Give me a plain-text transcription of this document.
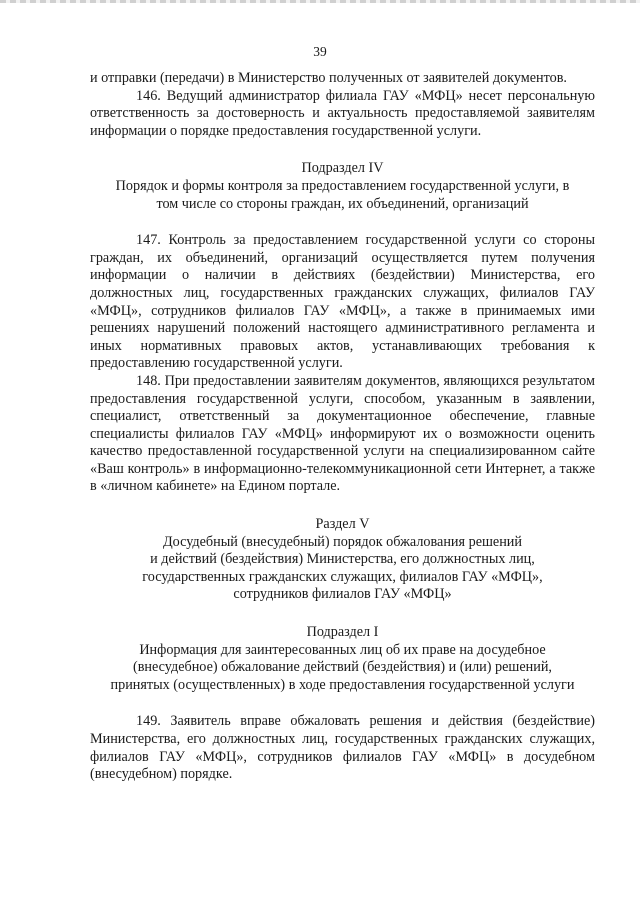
39

и отправки (передачи) в Министерство полученных от заявителей документов.

146. Ведущий администратор филиала ГАУ «МФЦ» несет персональную ответственность за достоверность и актуальность предоставляемой заявителям информации о порядке предоставления государственной услуги.

Подраздел IV

Порядок и формы контроля за предоставлением государственной услуги, в

том числе со стороны граждан, их объединений, организаций

147. Контроль за предоставлением государственной услуги со стороны граждан, их объединений, организаций осуществляется путем получения информации о наличии в действиях (бездействии) Министерства, его должностных лиц, государственных гражданских служащих, филиалов ГАУ «МФЦ», сотрудников филиалов ГАУ «МФЦ», а также в принимаемых ими решениях нарушений положений настоящего административного регламента и иных нормативных правовых актов, устанавливающих требования к предоставлению государственной услуги.

148. При предоставлении заявителям документов, являющихся результатом предоставления государственной услуги, способом, указанным в заявлении, специалист, ответственный за документационное обеспечение, главные специалисты филиалов ГАУ «МФЦ» информируют их о возможности оценить качество предоставленной государственной услуги на специализированном сайте «Ваш контроль» в информационно-телекоммуникационной сети Интернет, а также в «личном кабинете» на Едином портале.

Раздел V

Досудебный (внесудебный) порядок обжалования решений

и действий (бездействия) Министерства, его должностных лиц,

государственных гражданских служащих, филиалов ГАУ «МФЦ»,

сотрудников филиалов ГАУ «МФЦ»

Подраздел I

Информация для заинтересованных лиц об их праве на досудебное

(внесудебное) обжалование действий (бездействия) и (или) решений,

принятых (осуществленных) в ходе предоставления государственной услуги

149. Заявитель вправе обжаловать решения и действия (бездействие) Министерства, его должностных лиц, государственных гражданских служащих, филиалов ГАУ «МФЦ», сотрудников филиалов ГАУ «МФЦ» в досудебном (внесудебном) порядке.
